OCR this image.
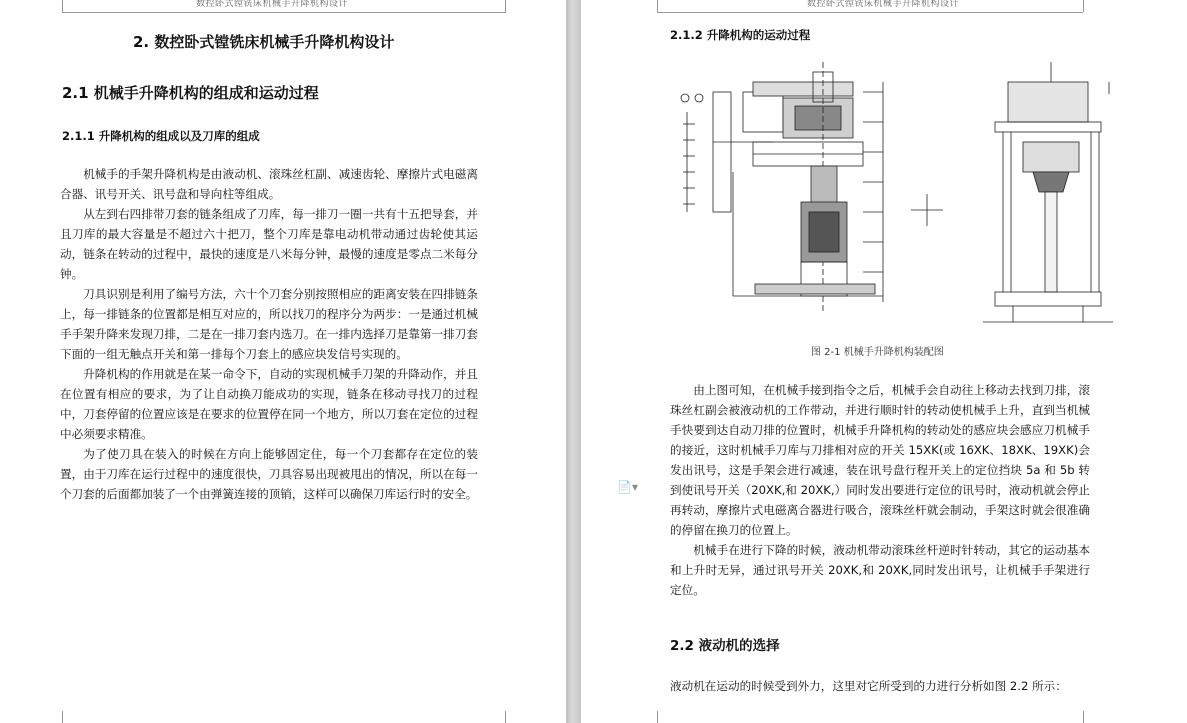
数控卧式镗铣床机械手升降机构设计
2. 数控卧式镗铣床机械手升降机构设计
2.1 机械手升降机构的组成和运动过程
2.1.1 升降机构的组成以及刀库的组成

机械手的手架升降机构是由液动机、滚珠丝杠副、减速齿轮、摩擦片式电磁离合器、讯号开关、讯号盘和导向柱等组成。

从左到右四排带刀套的链条组成了刀库，每一排刀一圈一共有十五把导套，并且刀库的最大容量是不超过六十把刀，整个刀库是靠电动机带动通过齿轮使其运动，链条在转动的过程中，最快的速度是八米每分钟，最慢的速度是零点二米每分钟。

刀具识别是利用了编号方法，六十个刀套分别按照相应的距离安装在四排链条上，每一排链条的位置都是相互对应的，所以找刀的程序分为两步：一是通过机械手手架升降来发现刀排，二是在一排刀套内选刀。在一排内选择刀是靠第一排刀套下面的一组无触点开关和第一排每个刀套上的感应块发信号实现的。

升降机构的作用就是在某一命令下，自动的实现机械手刀架的升降动作，并且在位置有相应的要求，为了让自动换刀能成功的实现，链条在移动寻找刀的过程中，刀套停留的位置应该是在要求的位置停在同一个地方，所以刀套在定位的过程中必须要求精准。

为了使刀具在装入的时候在方向上能够固定住，每一个刀套都存在定位的装置，由于刀库在运行过程中的速度很快，刀具容易出现被甩出的情况，所以在每一个刀套的后面都加装了一个由弹簧连接的顶销，这样可以确保刀库运行时的安全。

数控卧式镗铣床机械手升降机构设计
2.1.2 升降机构的运动过程
图 2-1 机械手升降机构装配图

由上图可知，在机械手接到指令之后，机械手会自动往上移动去找到刀排，滚珠丝杠副会被液动机的工作带动，并进行顺时针的转动使机械手上升，直到当机械手快要到达自动刀排的位置时，机械手升降机构的转动处的感应块会感应刀机械手的接近，这时机械手刀库与刀排相对应的开关 15XK(或 16XK、18XK、19XK)会发出讯号，这是手架会进行减速，装在讯号盘行程开关上的定位挡块 5a 和 5b 转到使讯号开关（20XK,和 20XK,）同时发出要进行定位的讯号时，液动机就会停止再转动，摩擦片式电磁离合器进行吸合，滚珠丝杆就会制动，手架这时就会很准确的停留在换刀的位置上。

机械手在进行下降的时候，液动机带动滚珠丝杆逆时针转动，其它的运动基本和上升时无异，通过讯号开关 20XK,和 20XK,同时发出讯号，让机械手手架进行定位。

2.2 液动机的选择

液动机在运动的时候受到外力，这里对它所受到的力进行分析如图 2.2 所示：

📄▾
